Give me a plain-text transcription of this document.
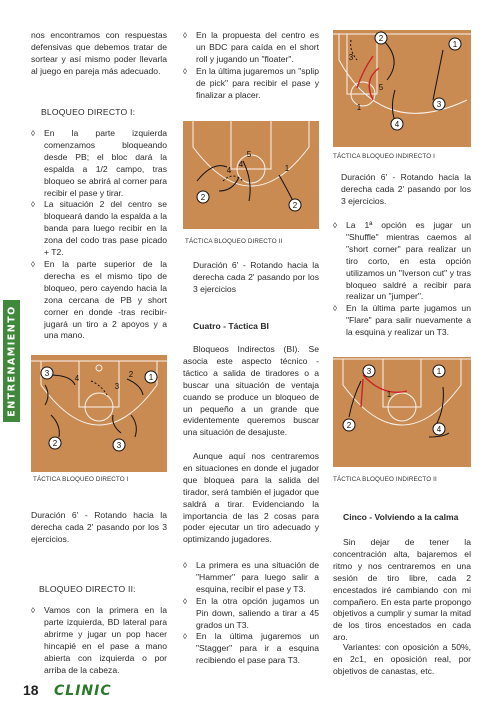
nos encontramos con respuestas defensivas que debemos tratar de sortear y así mismo poder llevarla al juego en pareja más adecuado.

BLOQUEO DIRECTO I:
◊ En la parte izquierda comenzamos bloqueando desde PB; el bloc dará la espalda a 1/2 campo, tras bloqueo se abrirá al corner para recibir el pase y tirar.
◊ La situación 2 del centro se bloqueará dando la espalda a la banda para luego recibir en la zona del codo tras pase picado + T2.
◊ En la parte superior de la derecha es el mismo tipo de bloqueo, pero cayendo hacia la zona cercana de PB y short corner en donde -tras recibir- jugará un tiro a 2 apoyos y a una mano.
3
2	3
1
4
3
2
TÁCTICA BLOQUEO DIRECTO I

Duración 6' - Rotando hacia la derecha cada 2' pasando por los 3 ejercicios.

BLOQUEO DIRECTO II:
◊ Vamos con la primera en la parte izquierda, BD lateral para abrirme y jugar un pop hacer hincapié en el pase a mano abierta con izquierda o por arriba de la cabeza.
◊ En la propuesta del centro es un BDC para caída en el short roll y jugando un "floater".
◊ En la última jugaremos un "splip de pick" para recibir el pase y finalizar a placer.
2
2
4
4
5
1
TÁCTICA BLOQUEO DIRECTO II

Duración 6' - Rotando hacia la derecha cada 2' pasando por los 3 ejercicios

Cuatro - Táctica BI

Bloqueos Indirectos (BI). Se asocia este aspecto técnico - táctico a salida de tiradores o a buscar una situación de ventaja cuando se produce un bloqueo de un pequeño a un grande que evidentemente queremos buscar una situación de desajuste.

Aunque aquí nos centraremos en situaciones en donde el jugador que bloquea para la salida del tirador, será también el jugador que saldrá a tirar. Evidenciando la importancia de las 2 cosas para poder ejecutar un tiro adecuado y optimizando jugadores.

◊ La primera es una situación de "Hammer" para luego salir a esquina, recibir el pase y T3.
◊ En la otra opción jugamos un Pin down, saliendo a tirar a 45 grados un T3.
◊ En la última jugaremos un "Stagger" para ir a esquina recibiendo el pase para T3.
2
4
3
1
3
5
1
TÁCTICA BLOQUEO INDIRECTO I

Duración 6' - Rotando hacia la derecha cada 2' pasando por los 3 ejercicios.

◊ La 1ª opción es jugar un "Shuffle" mientras caemos al "short corner" para realizar un tiro corto, en esta opción utilizamos un "Iverson cut" y tras bloqueo saldré a recibir para realizar un "jumper".
◊ En la última parte jugamos un "Flare" para salir nuevamente a la esquina y realizar un T3.
3
2
1
4
1
TÁCTICA BLOQUEO INDIRECTO II
Cinco - Volviendo a la calma

Sin dejar de tener la concentración alta, bajaremos el ritmo y nos centraremos en una sesión de tiro libre, cada 2 encestados iré cambiando con mi compañero. En esta parte propongo objetivos a cumplir y sumar la mitad de los tiros encestados en cada aro.

Variantes: con oposición a 50%, en 2c1, en oposición real, por objetivos de canastas, etc.

ENTRENAMIENTO
18 CLINIC
